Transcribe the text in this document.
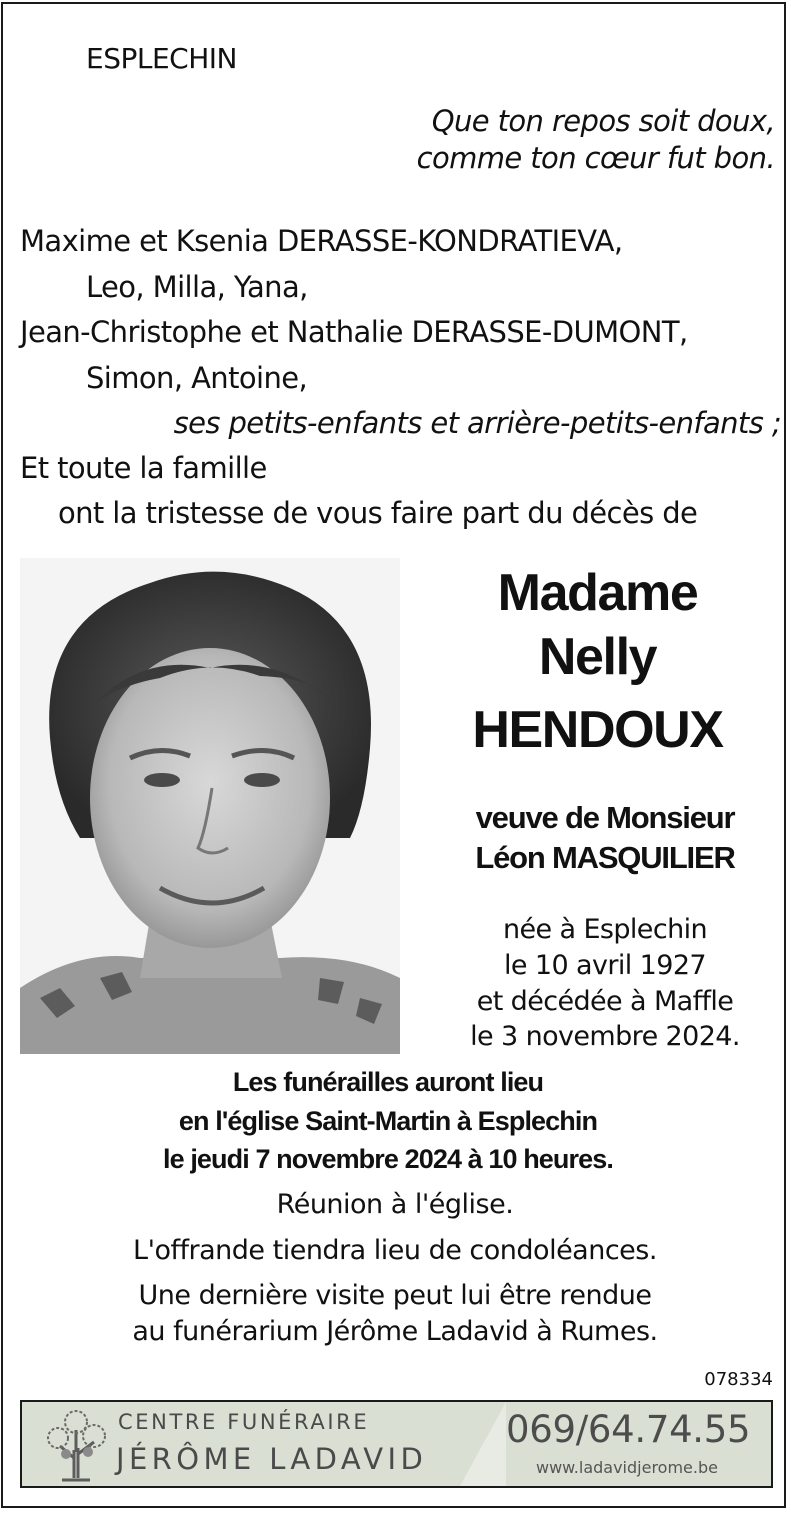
ESPLECHIN

Que ton repos soit doux,

comme ton cœur fut bon.

Maxime et Ksenia DERASSE-KONDRATIEVA,

Leo, Milla, Yana,

Jean-Christophe et Nathalie DERASSE-DUMONT,

Simon, Antoine,

ses petits-enfants et arrière-petits-enfants ;

Et toute la famille

ont la tristesse de vous faire part du décès de

Madame

Nelly

HENDOUX

veuve de Monsieur

Léon MASQUILIER

née à Esplechin

le 10 avril 1927

et décédée à Maffle

le 3 novembre 2024.

Les funérailles auront lieu

en l'église Saint-Martin à Esplechin

le jeudi 7 novembre 2024 à 10 heures.

Réunion à l'église.

L'offrande tiendra lieu de condoléances.

Une dernière visite peut lui être rendue

au funérarium Jérôme Ladavid à Rumes.

078334

CENTRE FUNÉRAIRE
JÉRÔME LADAVID
069/64.74.55
www.ladavidjerome.be
